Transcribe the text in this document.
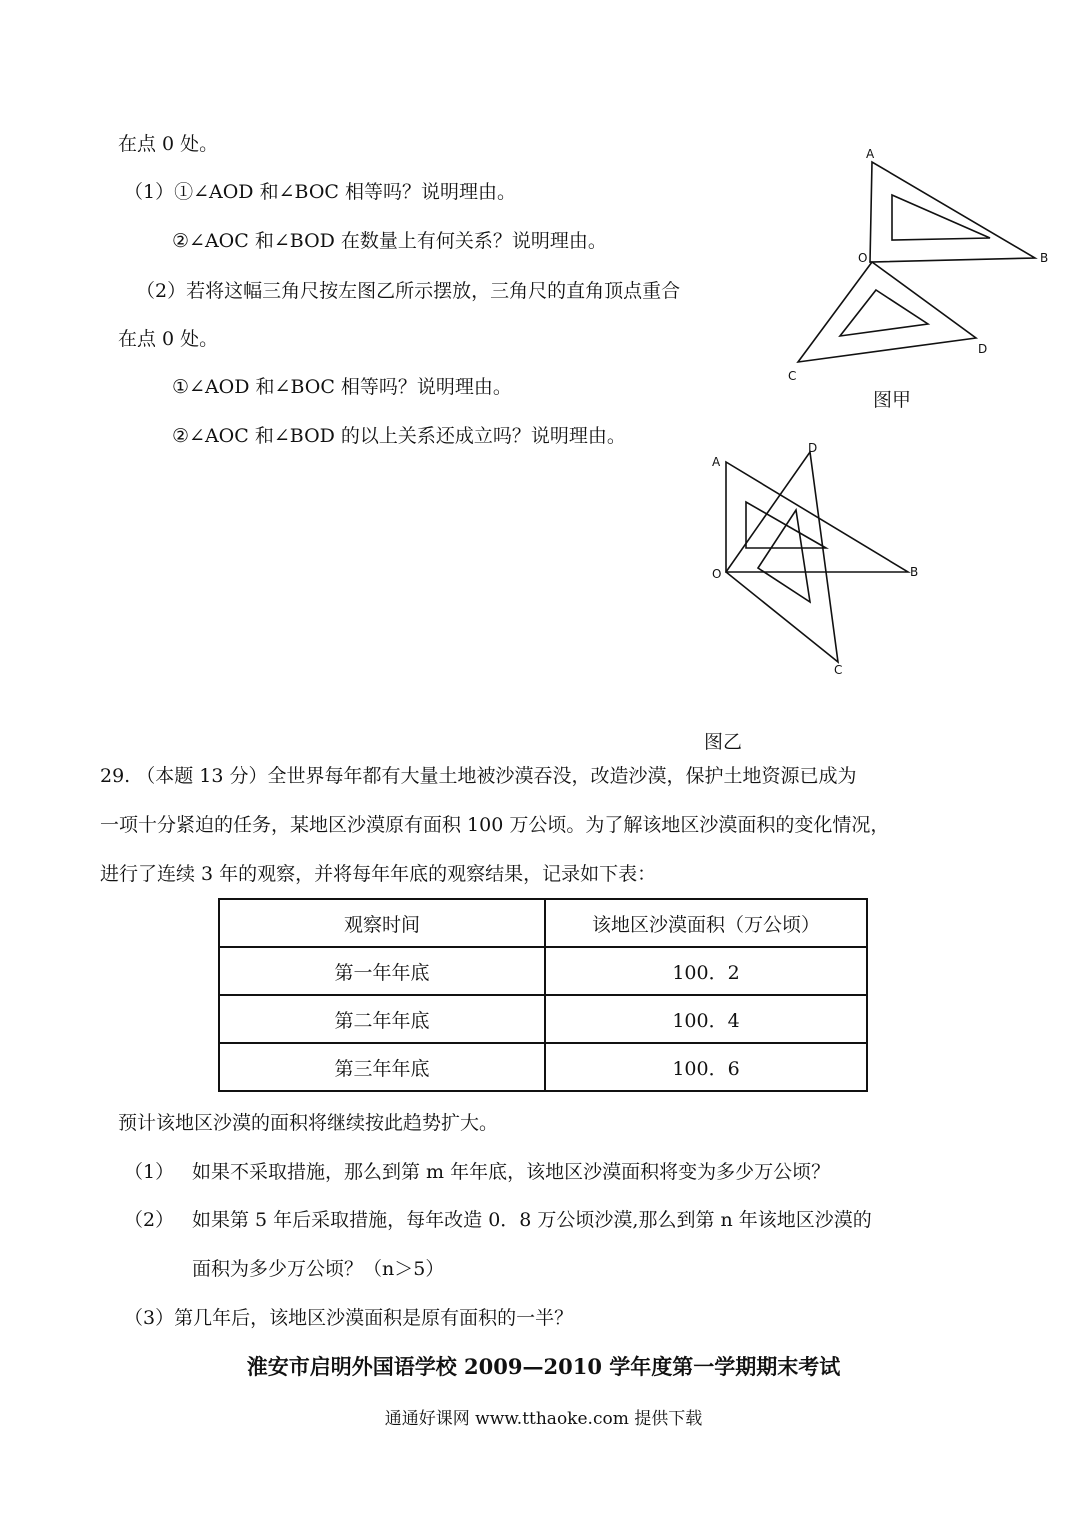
在点 0 处。
（1）①∠AOD 和∠BOC 相等吗？说明理由。
②∠AOC 和∠BOD 在数量上有何关系？说明理由。
（2）若将这幅三角尺按左图乙所示摆放，三角尺的直角顶点重合
在点 0 处。
①∠AOD 和∠BOC 相等吗？说明理由。
②∠AOC 和∠BOD 的以上关系还成立吗？说明理由。
A
O	B
D
C
图甲
A
D
O	B
C
图乙
29. （本题 13 分）全世界每年都有大量土地被沙漠吞没，改造沙漠，保护土地资源已成为
一项十分紧迫的任务，某地区沙漠原有面积 100 万公顷。为了解该地区沙漠面积的变化情况，
进行了连续 3 年的观察，并将每年年底的观察结果，记录如下表：
观察时间	该地区沙漠面积（万公顷）
第一年年底	100．2
第二年年底	100．4
第三年年底	100．6
预计该地区沙漠的面积将继续按此趋势扩大。
（1） 如果不采取措施，那么到第 m 年年底，该地区沙漠面积将变为多少万公顷？
（2） 如果第 5 年后采取措施，每年改造 0．8 万公顷沙漠,那么到第 n 年该地区沙漠的
面积为多少万公顷？（n＞5）
（3）第几年后，该地区沙漠面积是原有面积的一半？
淮安市启明外国语学校 2009—2010 学年度第一学期期末考试
通通好课网 www.tthaoke.com 提供下载
